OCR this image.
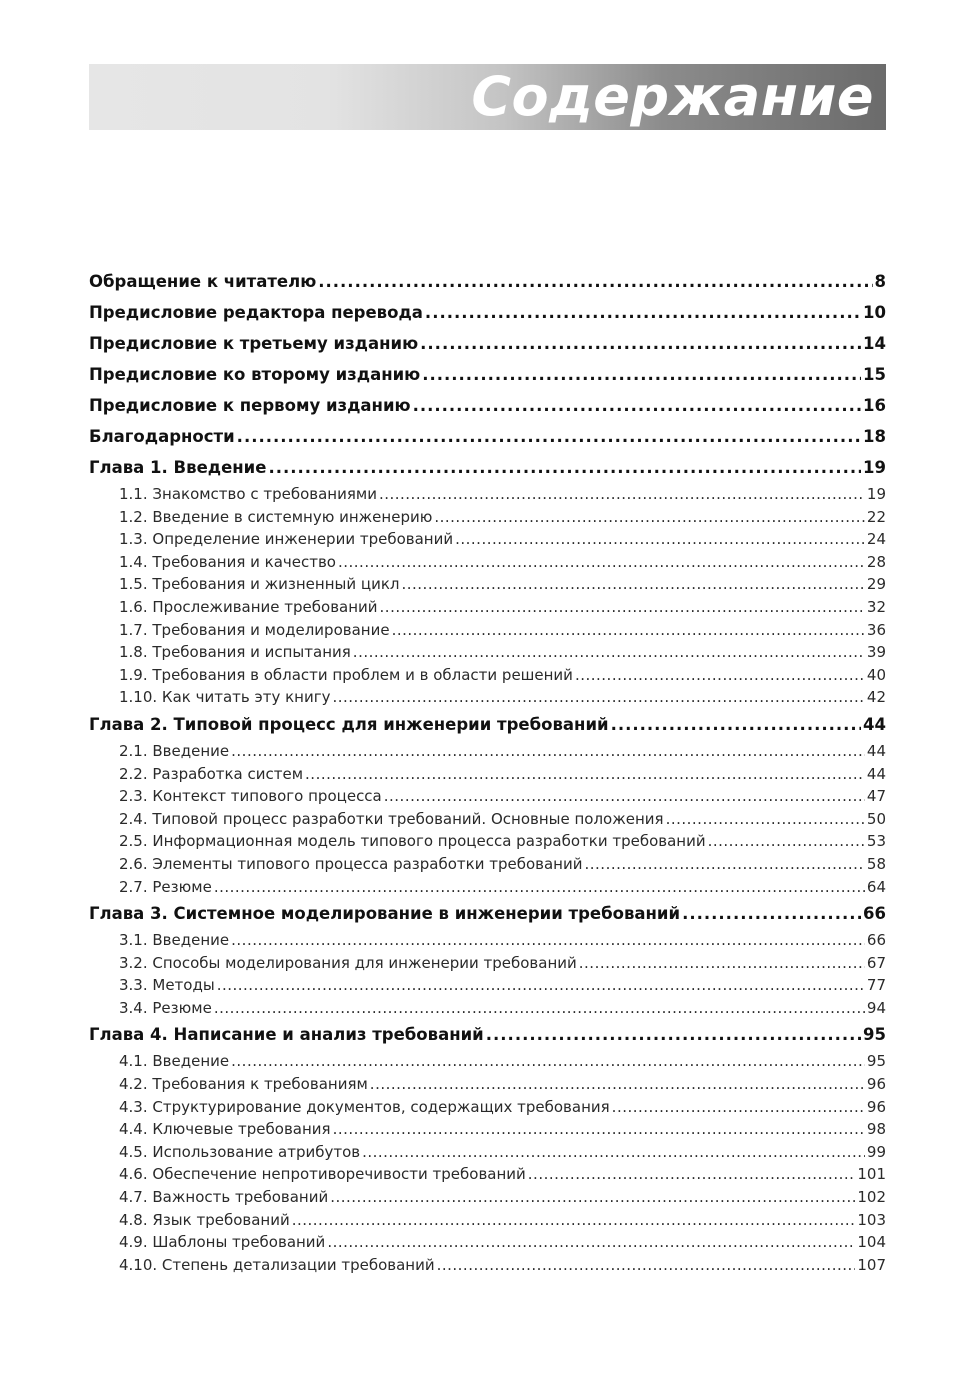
Содержание
Обращение к читателю .....	8
Предисловие редактора перевода .....	10
Предисловие к третьему изданию .....	14
Предисловие ко второму изданию .....	15
Предисловие к первому изданию .....	16
Благодарности .....	18
Глава 1. Введение .....	19
1.1. Знакомство с требованиями .....	19
1.2. Введение в системную инженерию .....	22
1.3. Определение инженерии требований .....	24
1.4. Требования и качество .....	28
1.5. Требования и жизненный цикл .....	29
1.6. Прослеживание требований .....	32
1.7. Требования и моделирование .....	36
1.8. Требования и испытания .....	39
1.9. Требования в области проблем и в области решений .....	40
1.10. Как читать эту книгу .....	42
Глава 2. Типовой процесс для инженерии требований .....	44
2.1. Введение .....	44
2.2. Разработка систем .....	44
2.3. Контекст типового процесса .....	47
2.4. Типовой процесс разработки требований. Основные положения .....	50
2.5. Информационная модель типового процесса разработки требований .....	53
2.6. Элементы типового процесса разработки требований .....	58
2.7. Резюме .....	64
Глава 3. Системное моделирование в инженерии требований .....	66
3.1. Введение .....	66
3.2. Способы моделирования для инженерии требований .....	67
3.3. Методы .....	77
3.4. Резюме .....	94
Глава 4. Написание и анализ требований .....	95
4.1. Введение .....	95
4.2. Требования к требованиям .....	96
4.3. Структурирование документов, содержащих требования .....	96
4.4. Ключевые требования .....	98
4.5. Использование атрибутов .....	99
4.6. Обеспечение непротиворечивости требований .....	101
4.7. Важность требований .....	102
4.8. Язык требований .....	103
4.9. Шаблоны требований .....	104
4.10. Степень детализации требований .....	107
